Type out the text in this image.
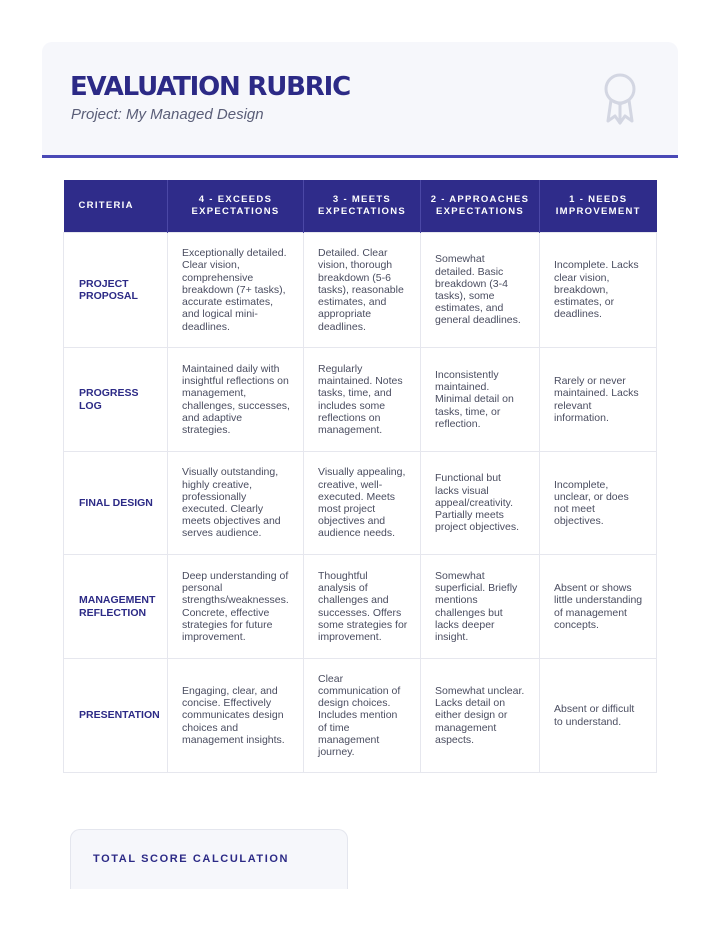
EVALUATION RUBRIC

Project: My Managed Design

CRITERIA	4 - EXCEEDS EXPECTATIONS	3 - MEETS EXPECTATIONS	2 - APPROACHES EXPECTATIONS	1 - NEEDS IMPROVEMENT
PROJECT PROPOSAL	Exceptionally detailed. Clear vision, comprehensive breakdown (7+ tasks), accurate estimates, and logical mini-deadlines.	Detailed. Clear vision, thorough breakdown (5-6 tasks), reasonable estimates, and appropriate deadlines.	Somewhat detailed. Basic breakdown (3-4 tasks), some estimates, and general deadlines.	Incomplete. Lacks clear vision, breakdown, estimates, or deadlines.
PROGRESS LOG	Maintained daily with insightful reflections on management, challenges, successes, and adaptive strategies.	Regularly maintained. Notes tasks, time, and includes some reflections on management.	Inconsistently maintained. Minimal detail on tasks, time, or reflection.	Rarely or never maintained. Lacks relevant information.
FINAL DESIGN	Visually outstanding, highly creative, professionally executed. Clearly meets objectives and serves audience.	Visually appealing, creative, well-executed. Meets most project objectives and audience needs.	Functional but lacks visual appeal/creativity. Partially meets project objectives.	Incomplete, unclear, or does not meet objectives.
MANAGEMENT REFLECTION	Deep understanding of personal strengths/weaknesses. Concrete, effective strategies for future improvement.	Thoughtful analysis of challenges and successes. Offers some strategies for improvement.	Somewhat superficial. Briefly mentions challenges but lacks deeper insight.	Absent or shows little understanding of management concepts.
PRESENTATION	Engaging, clear, and concise. Effectively communicates design choices and management insights.	Clear communication of design choices. Includes mention of time management journey.	Somewhat unclear. Lacks detail on either design or management aspects.	Absent or difficult to understand.

TOTAL SCORE CALCULATION
